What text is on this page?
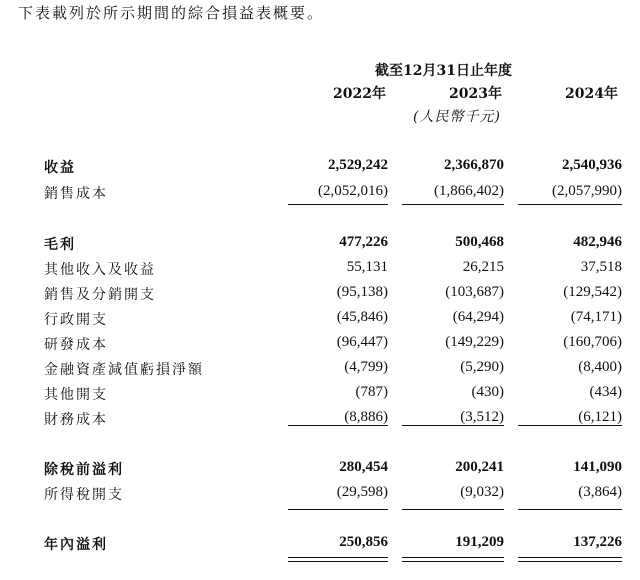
下表載列於所示期間的綜合損益表概要。
截至12月31日止年度
2022年	2023年	2024年
(人民幣千元)
收益	2,529,242	2,366,870	2,540,936
銷售成本	(2,052,016)	(1,866,402)	(2,057,990)
毛利	477,226	500,468	482,946
其他收入及收益	55,131	26,215	37,518
銷售及分銷開支	(95,138)	(103,687)	(129,542)
行政開支	(45,846)	(64,294)	(74,171)
研發成本	(96,447)	(149,229)	(160,706)
金融資產減值虧損淨額	(4,799)	(5,290)	(8,400)
其他開支	(787)	(430)	(434)
財務成本	(8,886)	(3,512)	(6,121)
除稅前溢利	280,454	200,241	141,090
所得稅開支	(29,598)	(9,032)	(3,864)
年內溢利	250,856	191,209	137,226
